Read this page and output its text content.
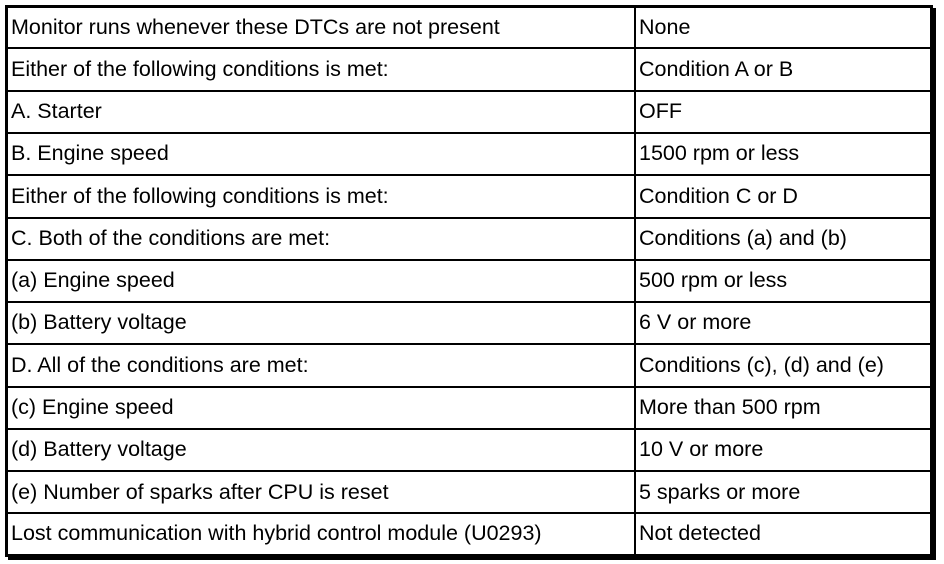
Monitor runs whenever these DTCs are not present	None
Either of the following conditions is met:	Condition A or B
A. Starter	OFF
B. Engine speed	1500 rpm or less
Either of the following conditions is met:	Condition C or D
C. Both of the conditions are met:	Conditions (a) and (b)
(a) Engine speed	500 rpm or less
(b) Battery voltage	6 V or more
D. All of the conditions are met:	Conditions (c), (d) and (e)
(c) Engine speed	More than 500 rpm
(d) Battery voltage	10 V or more
(e) Number of sparks after CPU is reset	5 sparks or more
Lost communication with hybrid control module (U0293)	Not detected
